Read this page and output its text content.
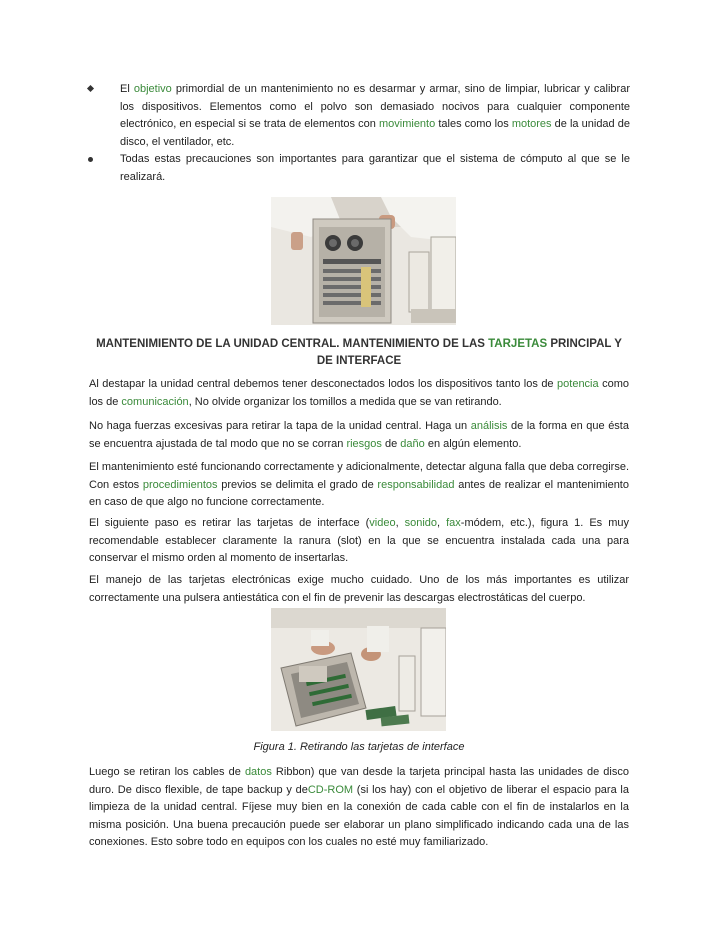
El objetivo primordial de un mantenimiento no es desarmar y armar, sino de limpiar, lubricar y calibrar los dispositivos. Elementos como el polvo son demasiado nocivos para cualquier componente electrónico, en especial si se trata de elementos con movimiento tales como los motores de la unidad de disco, el ventilador, etc.
Todas estas precauciones son importantes para garantizar que el sistema de cómputo al que se le realizará.

MANTENIMIENTO DE LA UNIDAD CENTRAL. MANTENIMIENTO DE LAS TARJETAS PRINCIPAL Y DE INTERFACE

Al destapar la unidad central debemos tener desconectados lodos los dispositivos tanto los de potencia como los de comunicación, No olvide organizar los tomillos a medida que se van retirando.

No haga fuerzas excesivas para retirar la tapa de la unidad central. Haga un análisis de la forma en que ésta se encuentra ajustada de tal modo que no se corran riesgos de daño en algún elemento.

El mantenimiento esté funcionando correctamente y adicionalmente, detectar alguna falla que deba corregirse. Con estos procedimientos previos se delimita el grado de responsabilidad antes de realizar el mantenimiento en caso de que algo no funcione correctamente.

El siguiente paso es retirar las tarjetas de interface (video, sonido, fax-módem, etc.), figura 1. Es muy recomendable establecer claramente la ranura (slot) en la que se encuentra instalada cada una para conservar el mismo orden al momento de insertarlas.

El manejo de las tarjetas electrónicas exige mucho cuidado. Uno de los más importantes es utilizar correctamente una pulsera antiestática con el fin de prevenir las descargas electrostáticas del cuerpo.

Figura 1. Retirando las tarjetas de interface

Luego se retiran los cables de datos Ribbon) que van desde la tarjeta principal hasta las unidades de disco duro. De disco flexible, de tape backup y deCD-ROM (si los hay) con el objetivo de liberar el espacio para la limpieza de la unidad central. Fíjese muy bien en la conexión de cada cable con el fin de instalarlos en la misma posición. Una buena precaución puede ser elaborar un plano simplificado indicando cada una de las conexiones. Esto sobre todo en equipos con los cuales no esté muy familiarizado.
